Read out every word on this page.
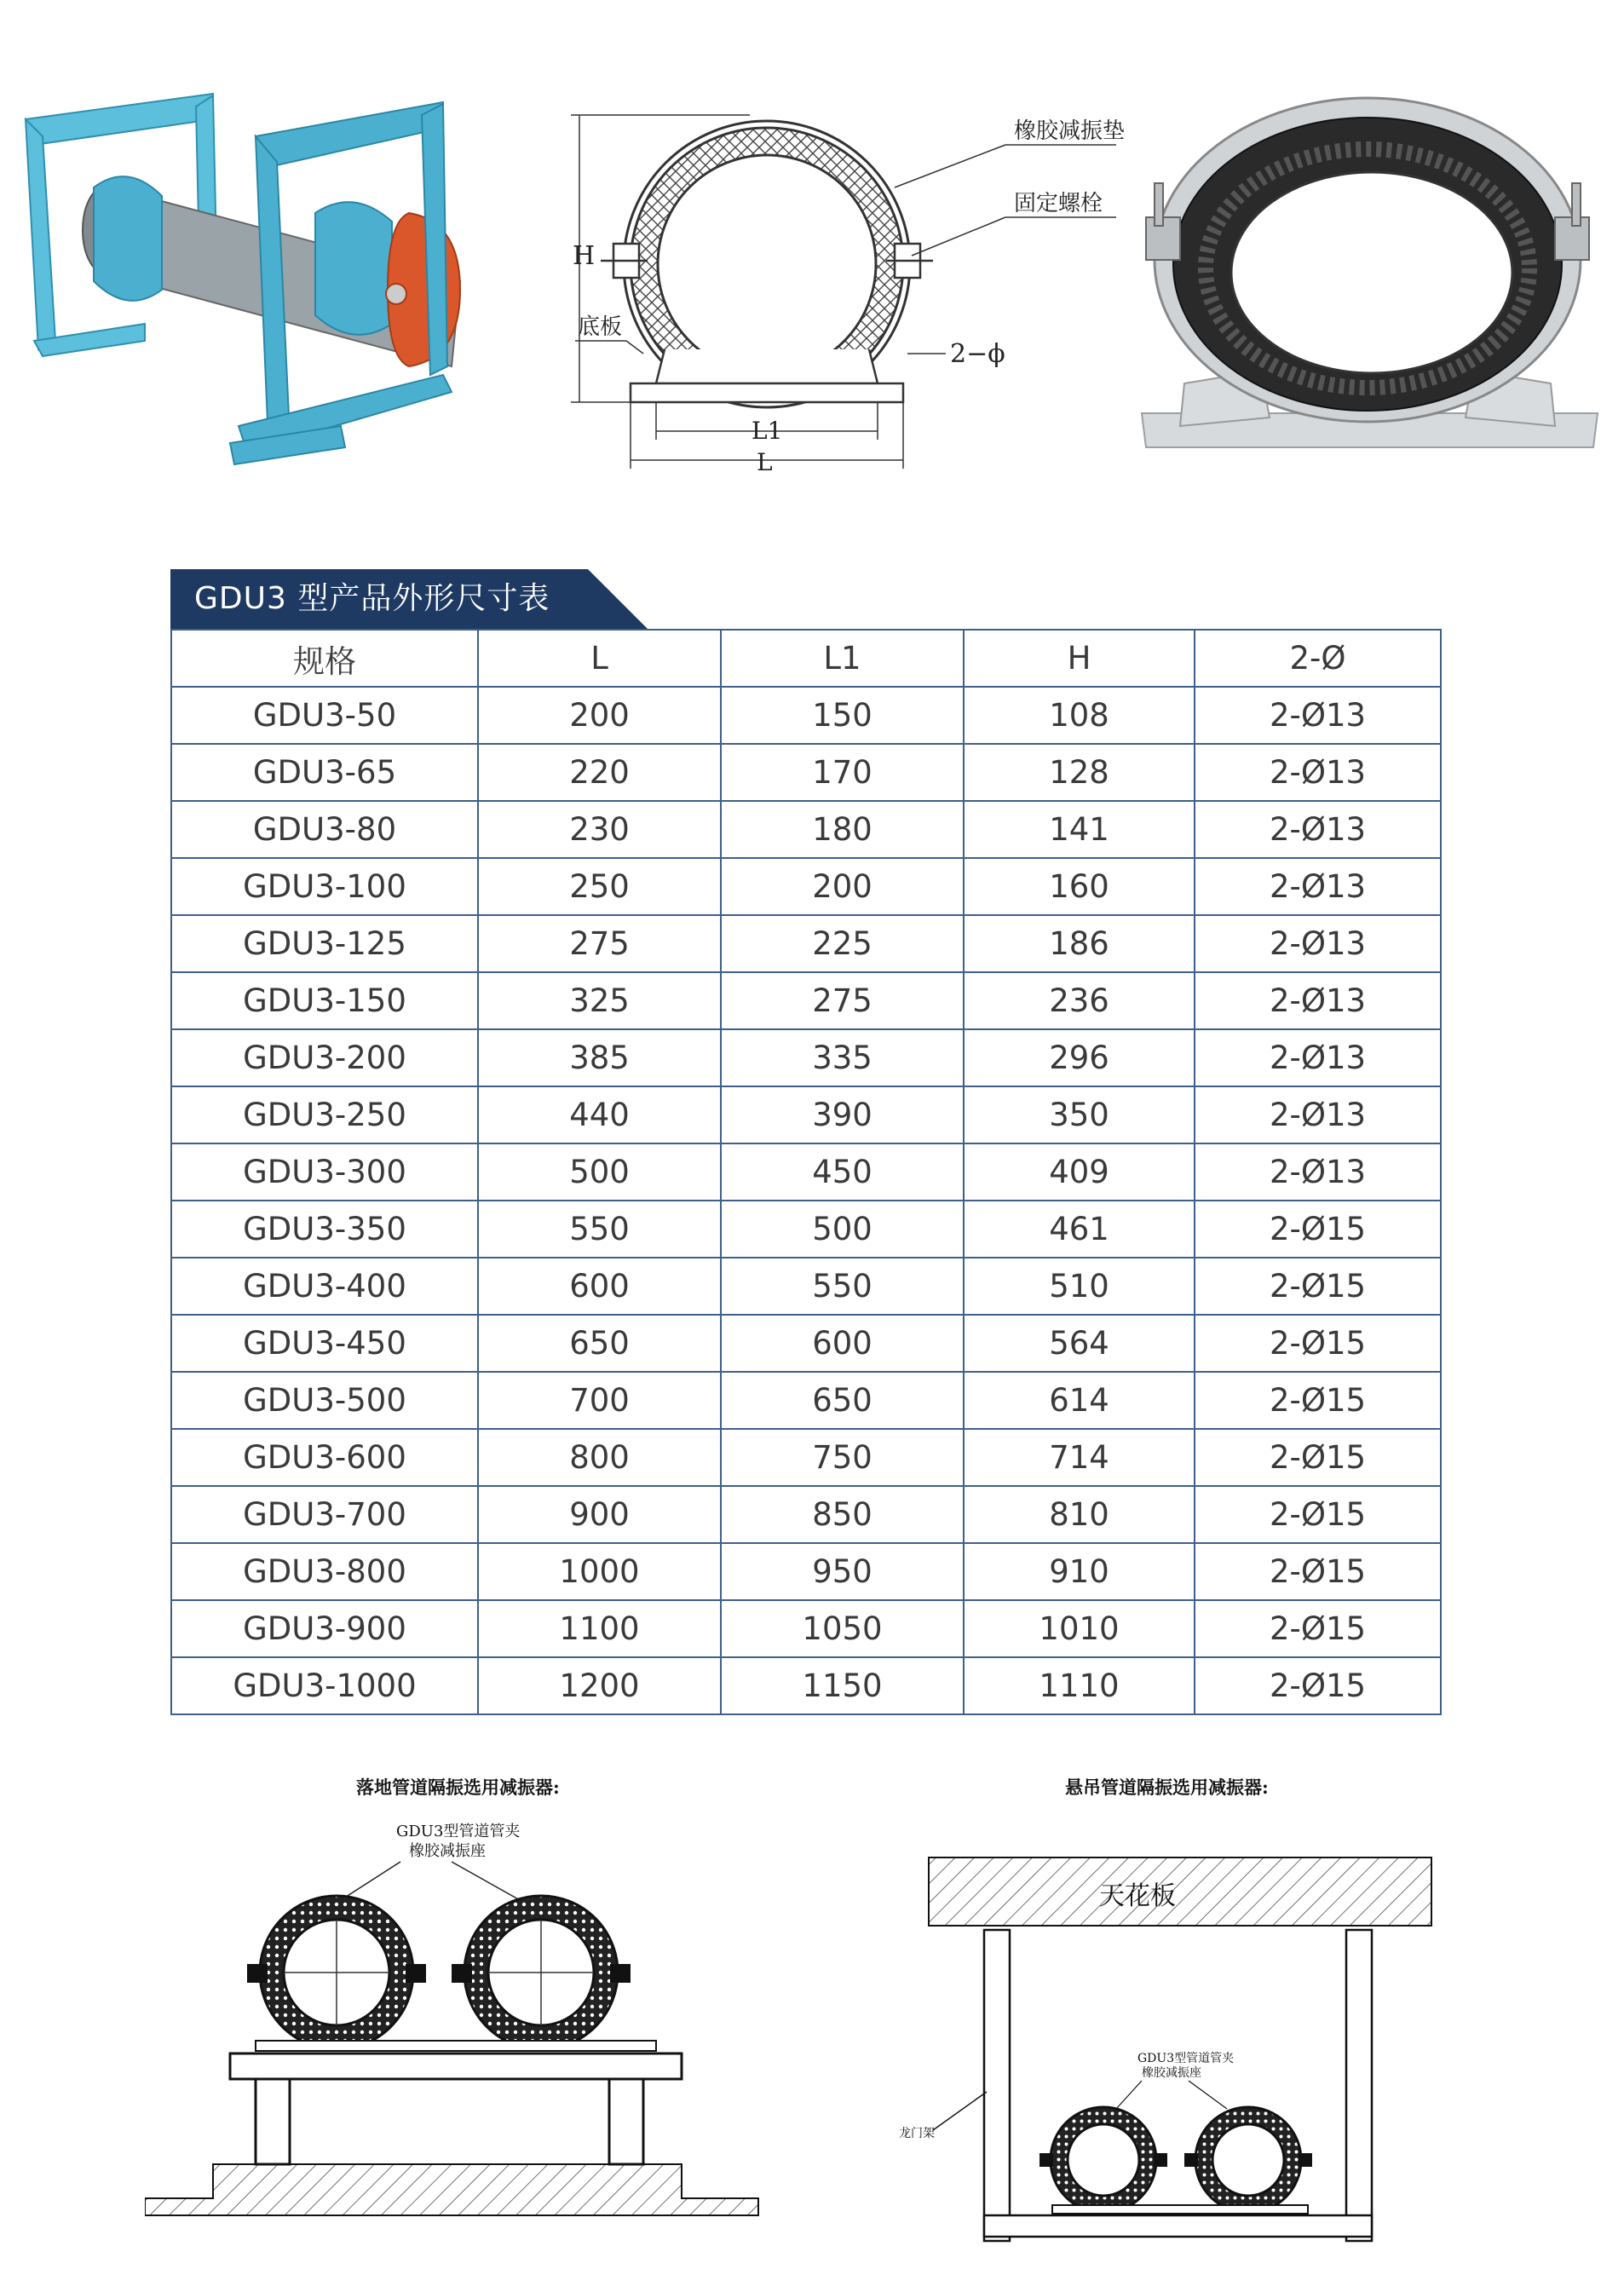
H
L1
L
橡胶减振垫
固定螺栓
底板
2−ϕ
GDU3 型产品外形尺寸表
规格	L	L1	H	2-Ø
GDU3-50	200	150	108	2-Ø13
GDU3-65	220	170	128	2-Ø13
GDU3-80	230	180	141	2-Ø13
GDU3-100	250	200	160	2-Ø13
GDU3-125	275	225	186	2-Ø13
GDU3-150	325	275	236	2-Ø13
GDU3-200	385	335	296	2-Ø13
GDU3-250	440	390	350	2-Ø13
GDU3-300	500	450	409	2-Ø13
GDU3-350	550	500	461	2-Ø15
GDU3-400	600	550	510	2-Ø15
GDU3-450	650	600	564	2-Ø15
GDU3-500	700	650	614	2-Ø15
GDU3-600	800	750	714	2-Ø15
GDU3-700	900	850	810	2-Ø15
GDU3-800	1000	950	910	2-Ø15
GDU3-900	1100	1050	1010	2-Ø15
GDU3-1000	1200	1150	1110	2-Ø15
落地管道隔振选用减振器:
GDU3型管道管夹
橡胶减振座
悬吊管道隔振选用减振器:
天花板
龙门架
GDU3型管道管夹
橡胶减振座
